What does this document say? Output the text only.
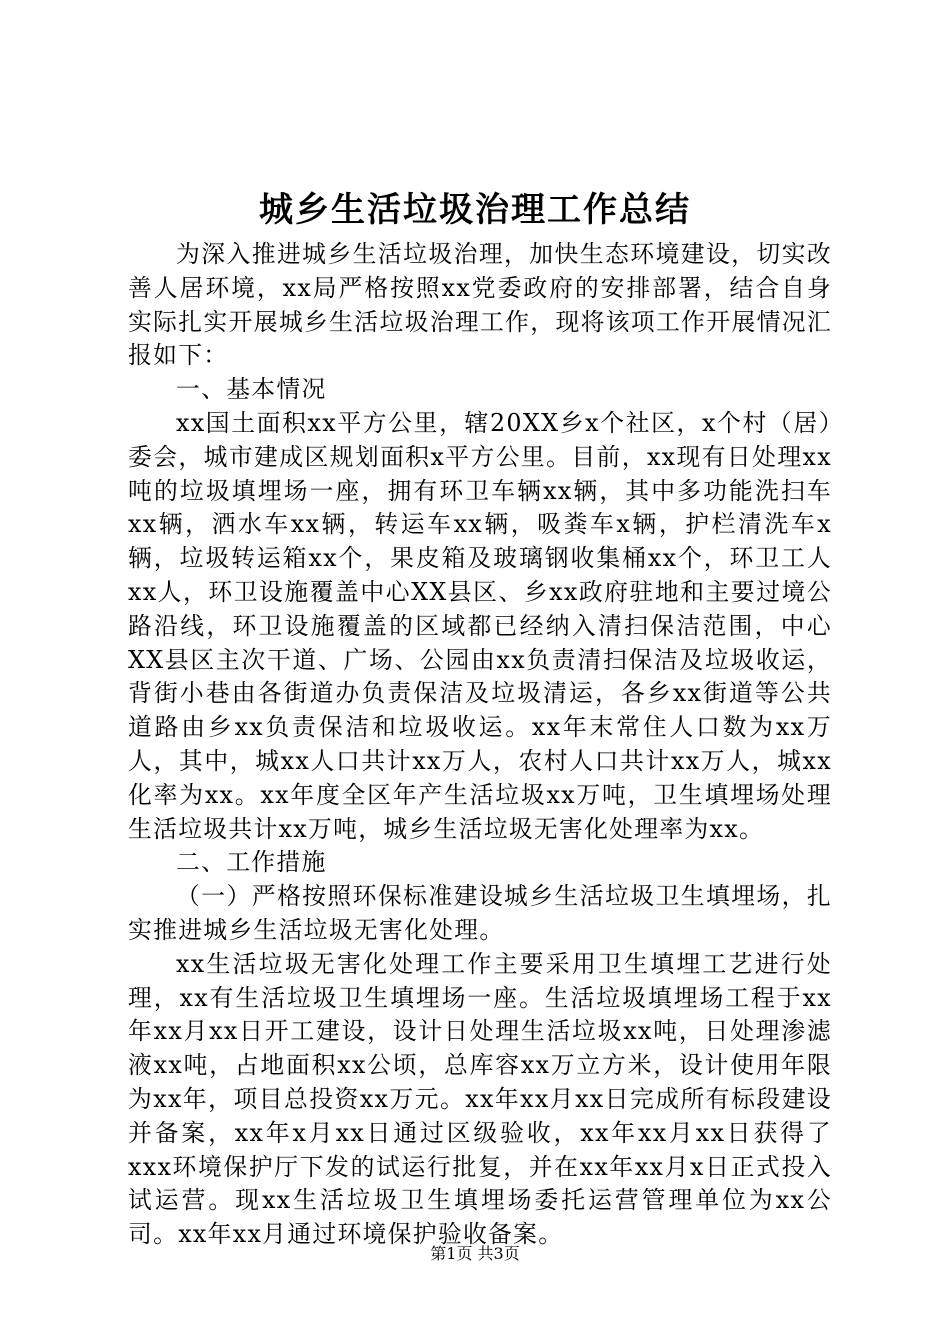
城乡生活垃圾治理工作总结

为深入推进城乡生活垃圾治理，加快生态环境建设，切实改善人居环境，xx局严格按照xx党委政府的安排部署，结合自身实际扎实开展城乡生活垃圾治理工作，现将该项工作开展情况汇报如下：

一、基本情况

xx国土面积xx平方公里，辖20XX乡x个社区，x个村（居）委会，城市建成区规划面积x平方公里。目前，xx现有日处理xx吨的垃圾填埋场一座，拥有环卫车辆xx辆，其中多功能洗扫车xx辆，洒水车xx辆，转运车xx辆，吸粪车x辆，护栏清洗车x辆，垃圾转运箱xx个，果皮箱及玻璃钢收集桶xx个，环卫工人xx人，环卫设施覆盖中心XX县区、乡xx政府驻地和主要过境公路沿线，环卫设施覆盖的区域都已经纳入清扫保洁范围，中心XX县区主次干道、广场、公园由xx负责清扫保洁及垃圾收运，背街小巷由各街道办负责保洁及垃圾清运，各乡xx街道等公共道路由乡xx负责保洁和垃圾收运。xx年末常住人口数为xx万人，其中，城xx人口共计xx万人，农村人口共计xx万人，城xx化率为xx。xx年度全区年产生活垃圾xx万吨，卫生填埋场处理生活垃圾共计xx万吨，城乡生活垃圾无害化处理率为xx。

二、工作措施

（一）严格按照环保标准建设城乡生活垃圾卫生填埋场，扎实推进城乡生活垃圾无害化处理。

xx生活垃圾无害化处理工作主要采用卫生填埋工艺进行处理，xx有生活垃圾卫生填埋场一座。生活垃圾填埋场工程于xx年xx月xx日开工建设，设计日处理生活垃圾xx吨，日处理渗滤液xx吨，占地面积xx公顷，总库容xx万立方米，设计使用年限为xx年，项目总投资xx万元。xx年xx月xx日完成所有标段建设并备案，xx年x月xx日通过区级验收，xx年xx月xx日获得了xxx环境保护厅下发的试运行批复，并在xx年xx月x日正式投入试运营。现xx生活垃圾卫生填埋场委托运营管理单位为xx公司。xx年xx月通过环境保护验收备案。

第1页 共3页
